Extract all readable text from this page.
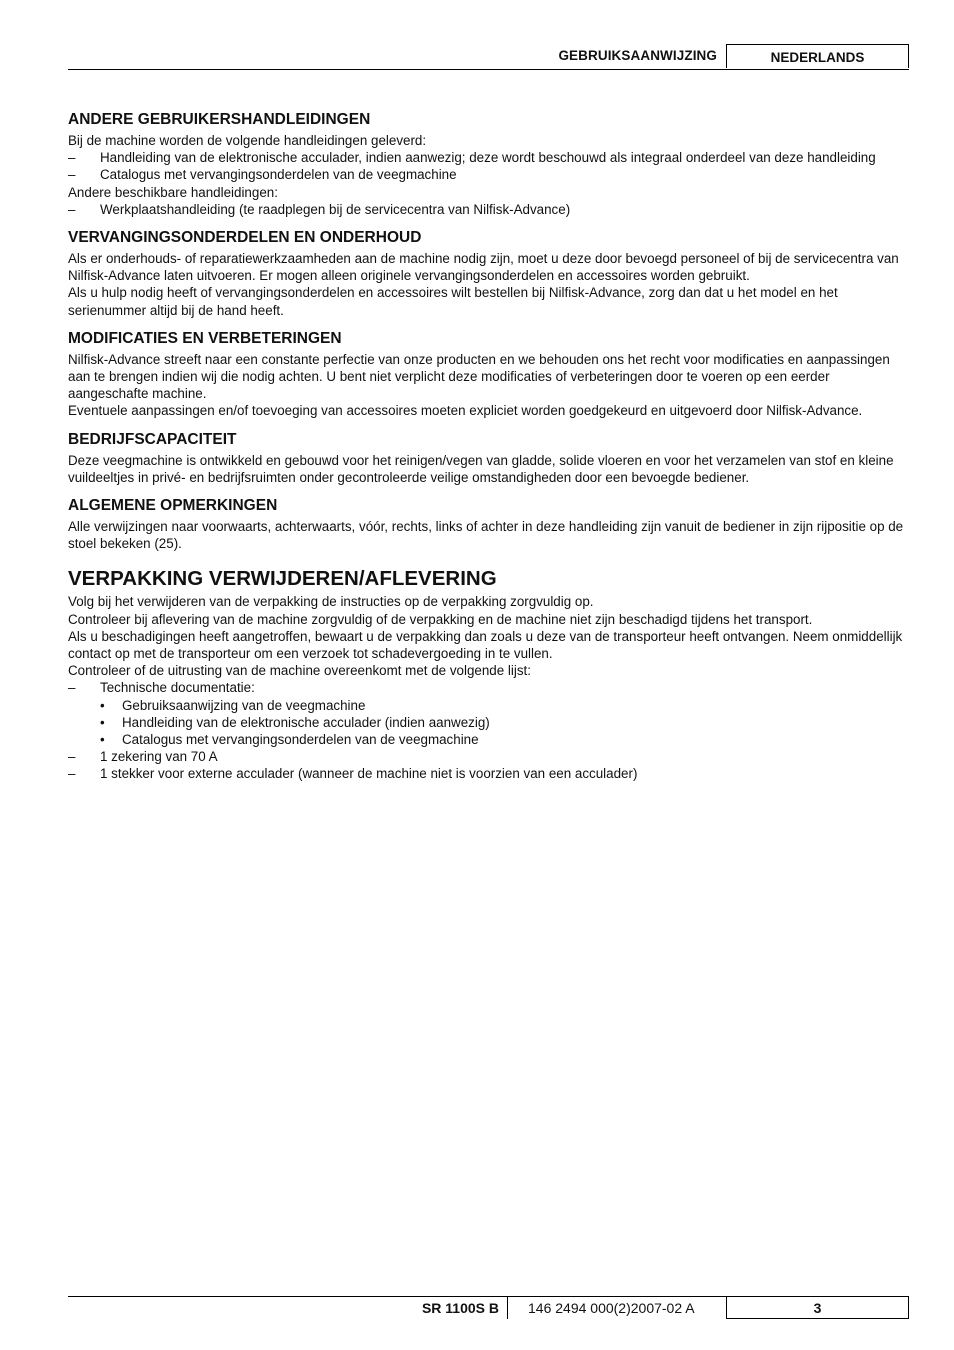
GEBRUIKSAANWIJZING	NEDERLANDS
ANDERE GEBRUIKERSHANDLEIDINGEN

Bij de machine worden de volgende handleidingen geleverd:

–	Handleiding van de elektronische acculader, indien aanwezig; deze wordt beschouwd als integraal onderdeel van deze handleiding
–	Catalogus met vervangingsonderdelen van de veegmachine

Andere beschikbare handleidingen:

–	Werkplaatshandleiding (te raadplegen bij de servicecentra van Nilfisk-Advance)
VERVANGINGSONDERDELEN EN ONDERHOUD

Als er onderhouds- of reparatiewerkzaamheden aan de machine nodig zijn, moet u deze door bevoegd personeel of bij de servicecentra van Nilfisk-Advance laten uitvoeren. Er mogen alleen originele vervangingsonderdelen en accessoires worden gebruikt.

Als u hulp nodig heeft of vervangingsonderdelen en accessoires wilt bestellen bij Nilfisk-Advance, zorg dan dat u het model en het serienummer altijd bij de hand heeft.

MODIFICATIES EN VERBETERINGEN

Nilfisk-Advance streeft naar een constante perfectie van onze producten en we behouden ons het recht voor modificaties en aanpassingen aan te brengen indien wij die nodig achten. U bent niet verplicht deze modificaties of verbeteringen door te voeren op een eerder aangeschafte machine.

Eventuele aanpassingen en/of toevoeging van accessoires moeten expliciet worden goedgekeurd en uitgevoerd door Nilfisk-Advance.

BEDRIJFSCAPACITEIT

Deze veegmachine is ontwikkeld en gebouwd voor het reinigen/vegen van gladde, solide vloeren en voor het verzamelen van stof en kleine vuildeeltjes in privé- en bedrijfsruimten onder gecontroleerde veilige omstandigheden door een bevoegde bediener.

ALGEMENE OPMERKINGEN

Alle verwijzingen naar voorwaarts, achterwaarts, vóór, rechts, links of achter in deze handleiding zijn vanuit de bediener in zijn rijpositie op de stoel bekeken (25).

VERPAKKING VERWIJDEREN/AFLEVERING

Volg bij het verwijderen van de verpakking de instructies op de verpakking zorgvuldig op.

Controleer bij aflevering van de machine zorgvuldig of de verpakking en de machine niet zijn beschadigd tijdens het transport.

Als u beschadigingen heeft aangetroffen, bewaart u de verpakking dan zoals u deze van de transporteur heeft ontvangen. Neem onmiddellijk contact op met de transporteur om een verzoek tot schadevergoeding in te vullen.

Controleer of de uitrusting van de machine overeenkomt met de volgende lijst:

–	Technische documentatie:
•	Gebruiksaanwijzing van de veegmachine
•	Handleiding van de elektronische acculader (indien aanwezig)
•	Catalogus met vervangingsonderdelen van de veegmachine
–	1 zekering van 70 A
–	1 stekker voor externe acculader (wanneer de machine niet is voorzien van een acculader)
SR 1100S B	146 2494 000(2)2007-02 A	3
